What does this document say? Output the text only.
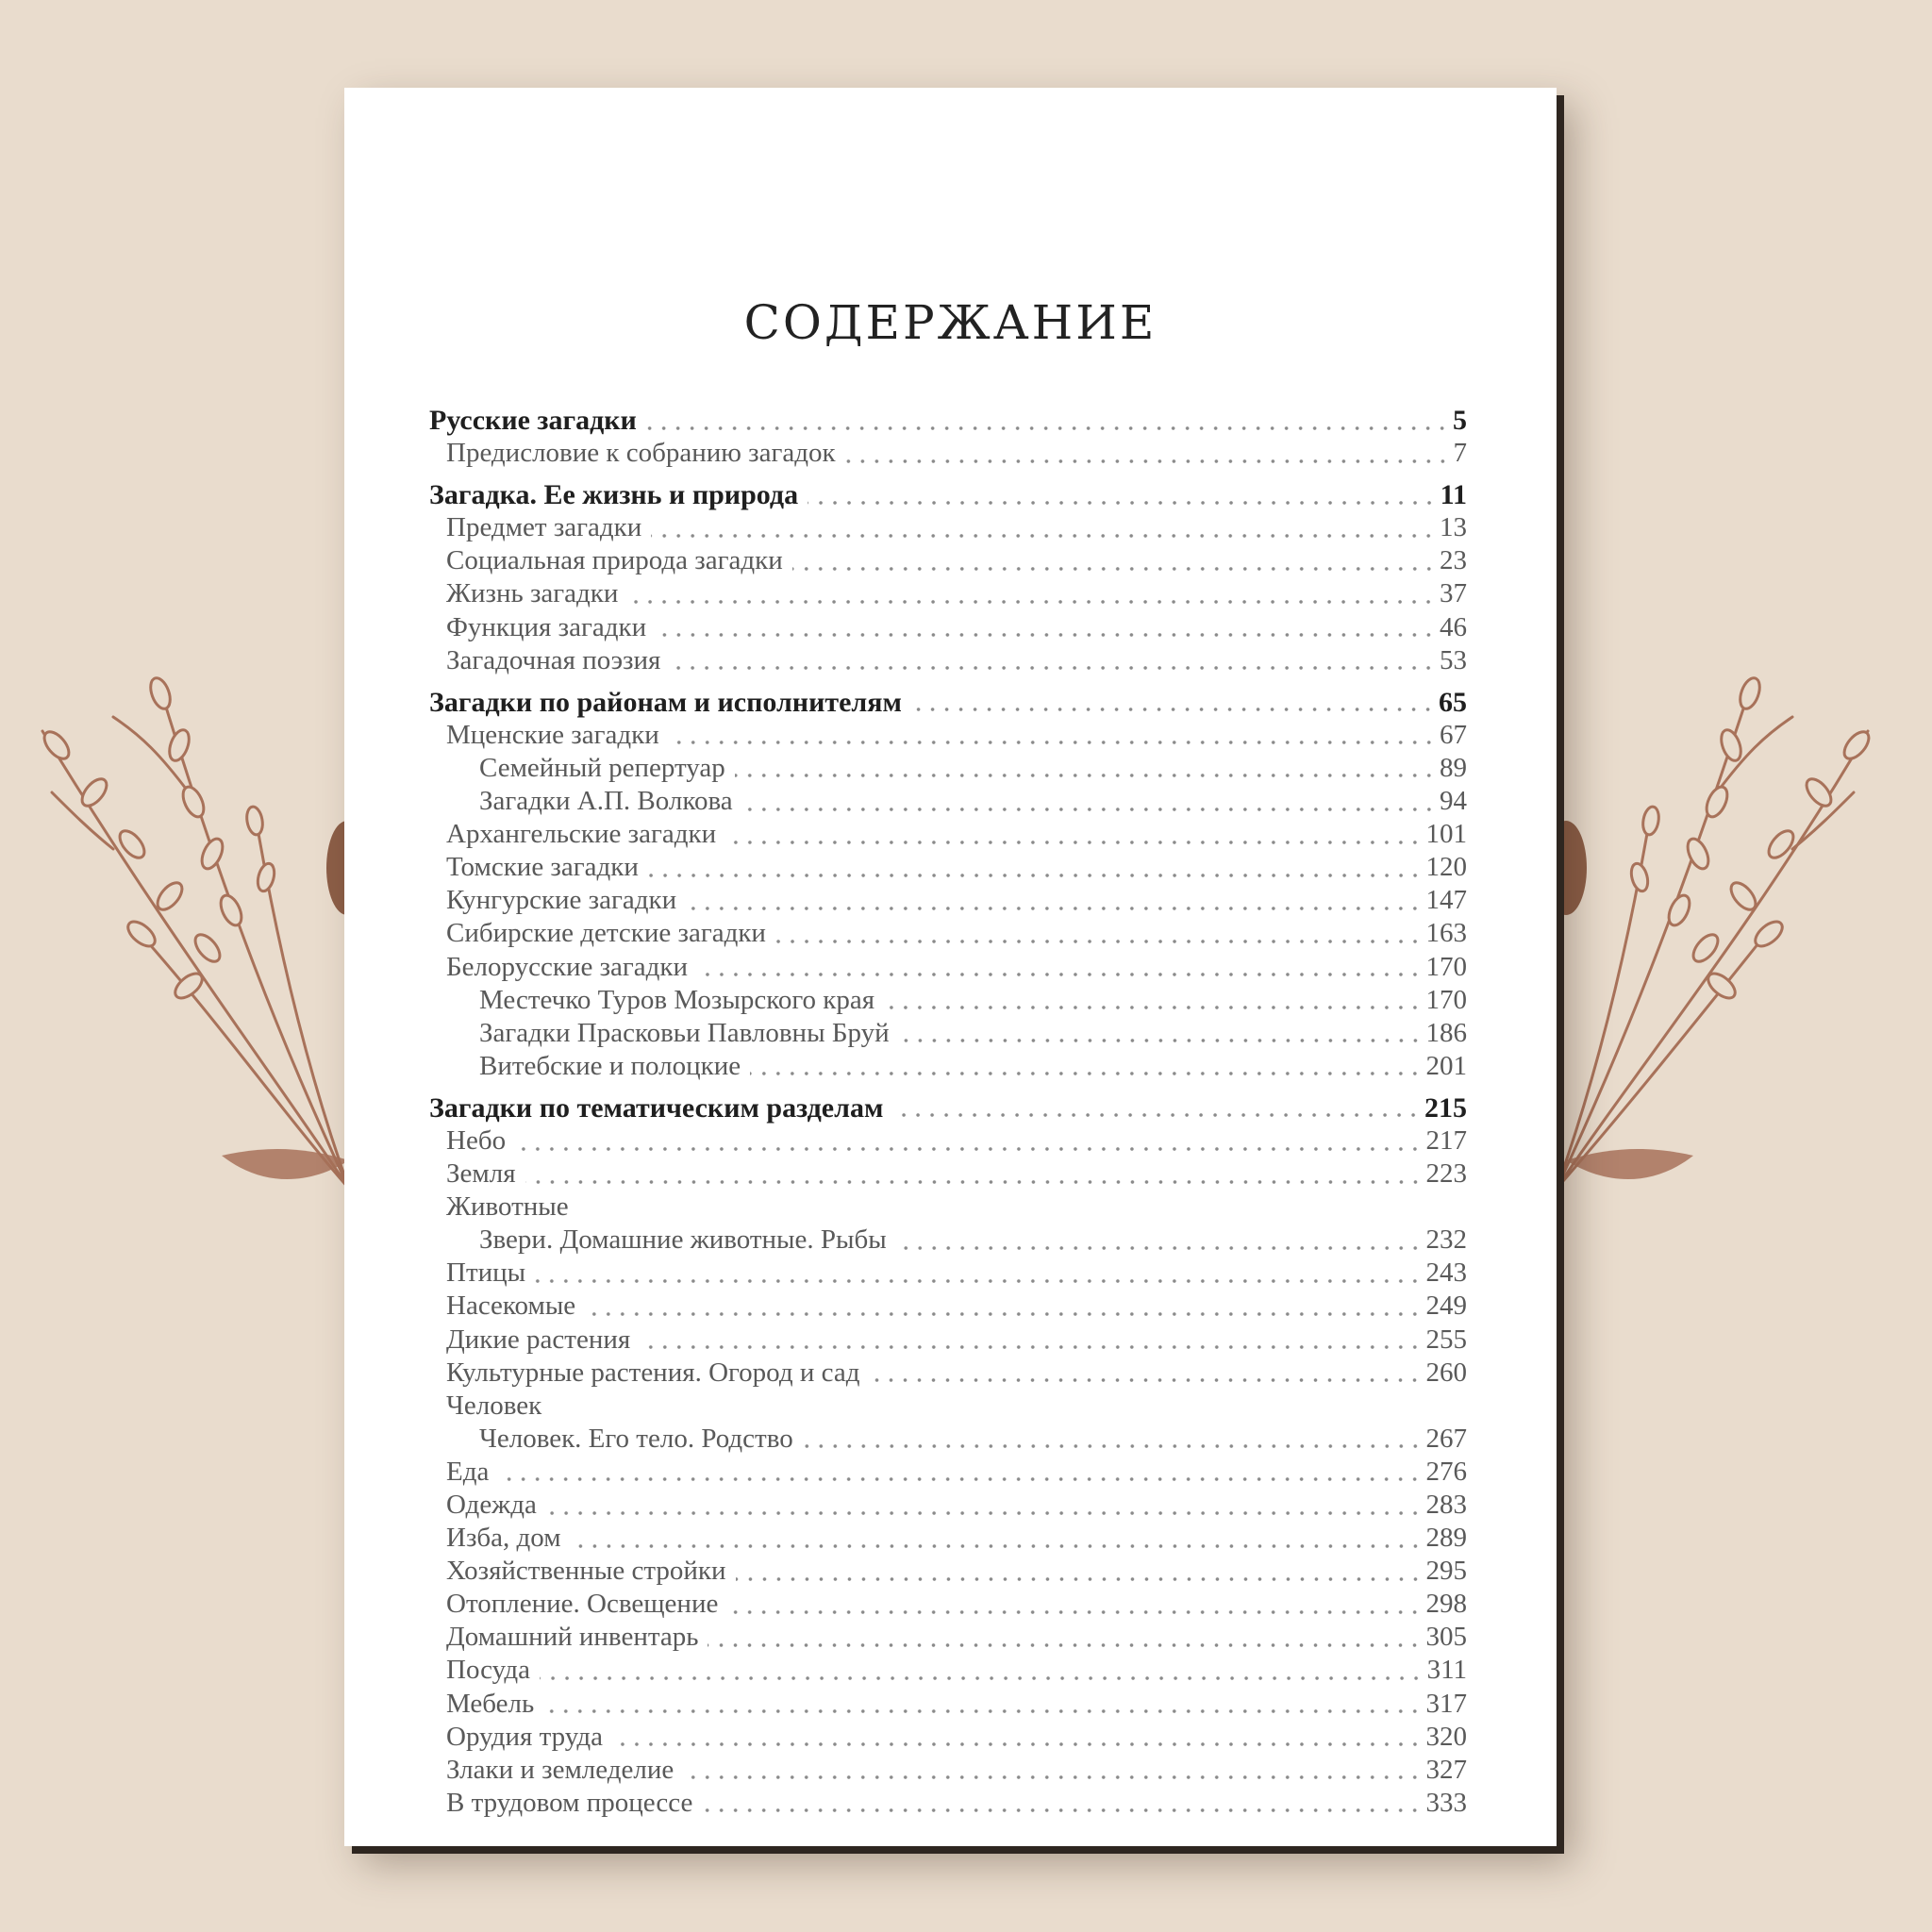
СОДЕРЖАНИЕ
Русские загадки	5
Предисловие к собранию загадок	7
Загадка. Ее жизнь и природа	11
Предмет загадки	13
Социальная природа загадки	23
Жизнь загадки	37
Функция загадки	46
Загадочная поэзия	53
Загадки по районам и исполнителям	65
Мценские загадки	67
Семейный репертуар	89
Загадки А.П. Волкова	94
Архангельские загадки	101
Томские загадки	120
Кунгурские загадки	147
Сибирские детские загадки	163
Белорусские загадки	170
Местечко Туров Мозырского края	170
Загадки Прасковьи Павловны Бруй	186
Витебские и полоцкие	201
Загадки по тематическим разделам	215
Небо	217
Земля	223
Животные
Звери. Домашние животные. Рыбы	232
Птицы	243
Насекомые	249
Дикие растения	255
Культурные растения. Огород и сад	260
Человек
Человек. Его тело. Родство	267
Еда	276
Одежда	283
Изба, дом	289
Хозяйственные стройки	295
Отопление. Освещение	298
Домашний инвентарь	305
Посуда	311
Мебель	317
Орудия труда	320
Злаки и земледелие	327
В трудовом процессе	333
